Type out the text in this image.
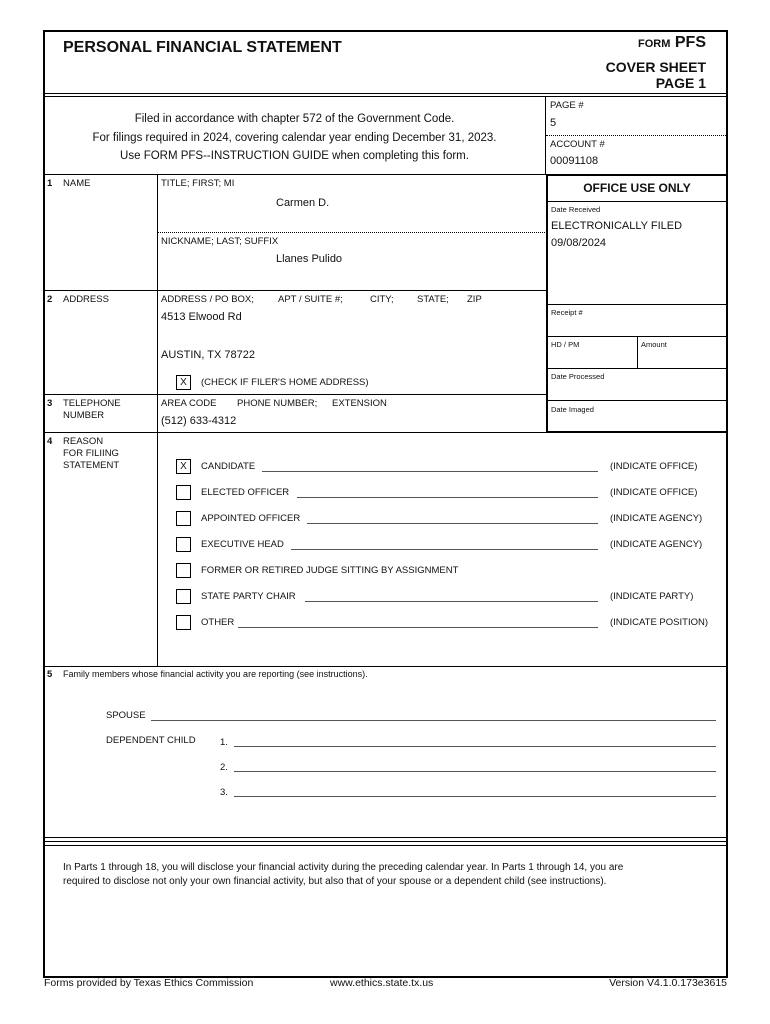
PERSONAL FINANCIAL STATEMENT	FORM PFS
COVER SHEET
PAGE 1
Filed in accordance with chapter 572 of the Government Code.
For filings required in 2024, covering calendar year ending December 31, 2023.
Use FORM PFS--INSTRUCTION GUIDE when completing this form.
PAGE #
5
ACCOUNT #
00091108
1 NAME	TITLE; FIRST; MI
Carmen D.
NICKNAME; LAST; SUFFIX
Llanes Pulido
2 ADDRESS	ADDRESS / PO BOX;	APT / SUITE #;	CITY; STATE; ZIP
4513 Elwood Rd
AUSTIN, TX 78722
X	(CHECK IF FILER'S HOME ADDRESS)
3 TELEPHONE
NUMBER
AREA CODE PHONE NUMBER; EXTENSION
(512) 633-4312
OFFICE USE ONLY
Date Received
ELECTRONICALLY FILED
09/08/2024
Receipt #
HD / PM	Amount
Date Processed
Date Imaged
4 REASON
FOR FILIING
STATEMENT	X	CANDIDATE	(INDICATE OFFICE)
ELECTED OFFICER	(INDICATE OFFICE)
APPOINTED OFFICER	(INDICATE AGENCY)
EXECUTIVE HEAD	(INDICATE AGENCY)
FORMER OR RETIRED JUDGE SITTING BY ASSIGNMENT
STATE PARTY CHAIR	(INDICATE PARTY)
OTHER	(INDICATE POSITION)
5 Family members whose financial activity you are reporting (see instructions).
SPOUSE
DEPENDENT CHILD	1.
2.
3.
In Parts 1 through 18, you will disclose your financial activity during the preceding calendar year. In Parts 1 through 14, you are
required to disclose not only your own financial activity, but also that of your spouse or a dependent child (see instructions).
Forms provided by Texas Ethics Commission	www.ethics.state.tx.us	Version V4.1.0.173e3615
